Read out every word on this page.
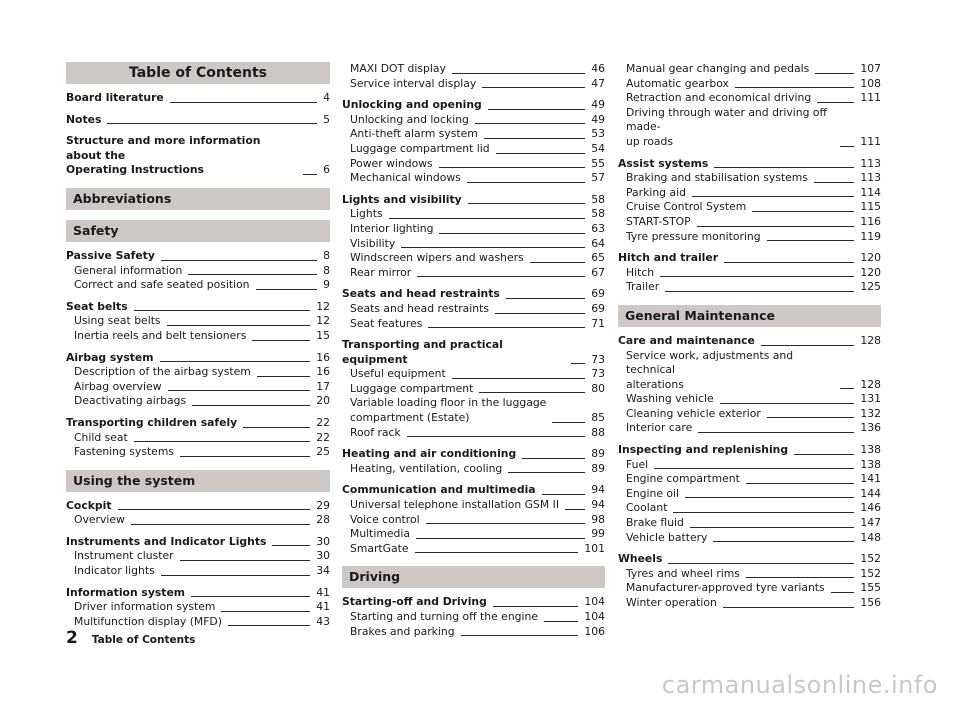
Table of Contents
Board literature	4
Notes	5
Structure and more information about the
Operating Instructions	6
Abbreviations
Safety
Passive Safety	8
General information	8
Correct and safe seated position	9
Seat belts	12
Using seat belts	12
Inertia reels and belt tensioners	15
Airbag system	16
Description of the airbag system	16
Airbag overview	17
Deactivating airbags	20
Transporting children safely	22
Child seat	22
Fastening systems	25
Using the system
Cockpit	29
Overview	28
Instruments and Indicator Lights	30
Instrument cluster	30
Indicator lights	34
Information system	41
Driver information system	41
Multifunction display (MFD)	43
MAXI DOT display	46
Service interval display	47
Unlocking and opening	49
Unlocking and locking	49
Anti-theft alarm system	53
Luggage compartment lid	54
Power windows	55
Mechanical windows	57
Lights and visibility	58
Lights	58
Interior lighting	63
Visibility	64
Windscreen wipers and washers	65
Rear mirror	67
Seats and head restraints	69
Seats and head restraints	69
Seat features	71
Transporting and practical equipment	73
Useful equipment	73
Luggage compartment	80
Variable loading floor in the luggage
compartment (Estate)	85
Roof rack	88
Heating and air conditioning	89
Heating, ventilation, cooling	89
Communication and multimedia	94
Universal telephone installation GSM II	94
Voice control	98
Multimedia	99
SmartGate	101
Driving
Starting-off and Driving	104
Starting and turning off the engine	104
Brakes and parking	106
Manual gear changing and pedals	107
Automatic gearbox	108
Retraction and economical driving	111
Driving through water and driving off made-
up roads	111
Assist systems	113
Braking and stabilisation systems	113
Parking aid	114
Cruise Control System	115
START-STOP	116
Tyre pressure monitoring	119
Hitch and trailer	120
Hitch	120
Trailer	125
General Maintenance
Care and maintenance	128
Service work, adjustments and technical
alterations	128
Washing vehicle	131
Cleaning vehicle exterior	132
Interior care	136
Inspecting and replenishing	138
Fuel	138
Engine compartment	141
Engine oil	144
Coolant	146
Brake fluid	147
Vehicle battery	148
Wheels	152
Tyres and wheel rims	152
Manufacturer-approved tyre variants	155
Winter operation	156
2 Table of Contents
carmanualsonline.info
